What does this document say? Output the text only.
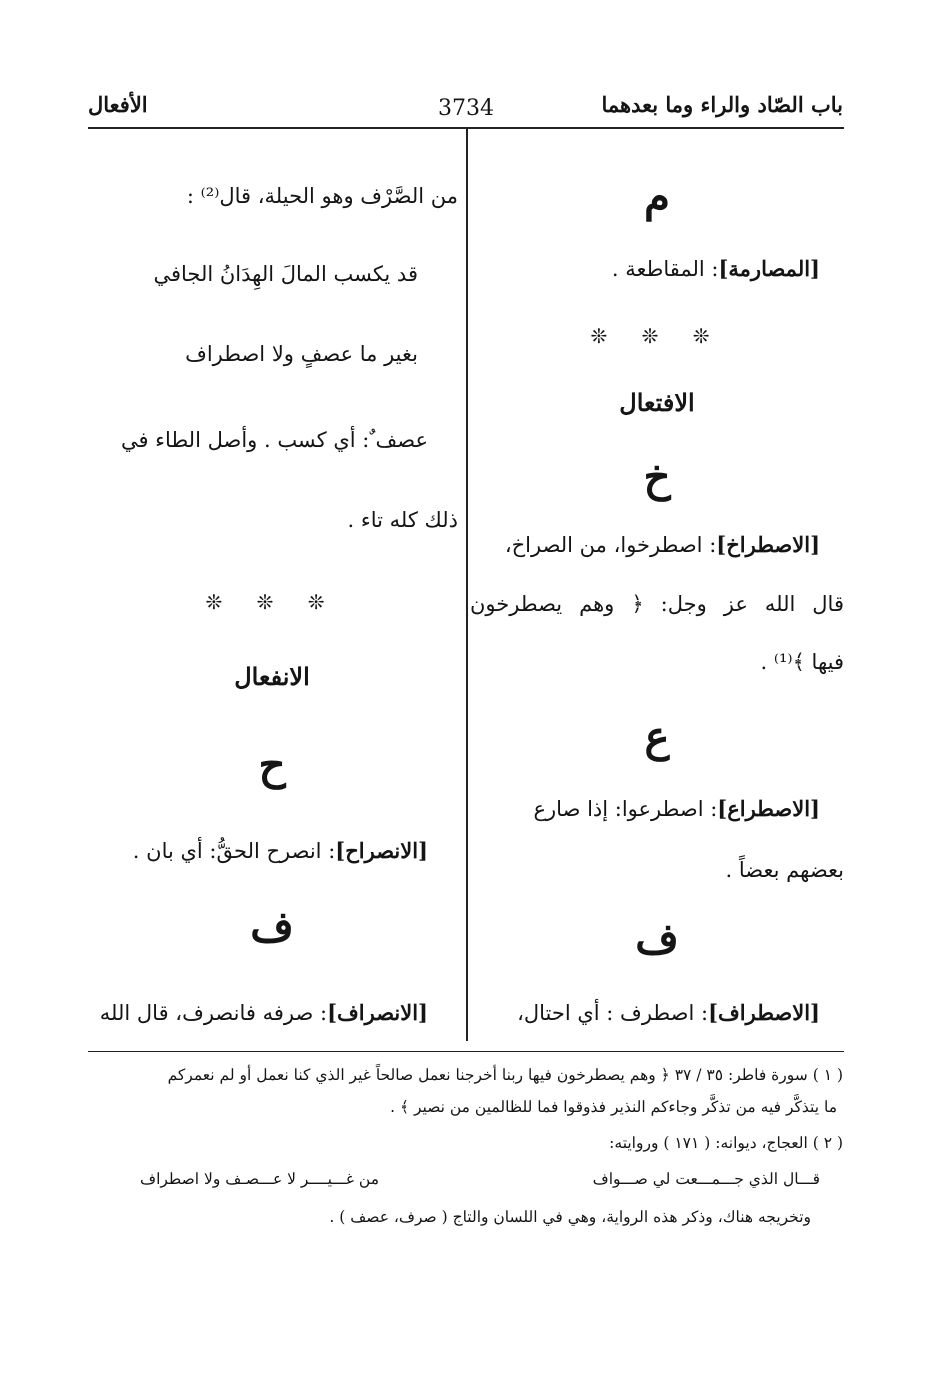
باب الصّاد والراء وما بعدهما
3734
الأفعال
م
[المصارمة]: المقاطعة .
❊ ❊ ❊
الافتعال
خ
[الاصطراخ]: اصطرخوا، من الصراخ،
قال الله عز وجل: ﴿ وهم يصطرخون
فيها ﴾⁽¹⁾ .
ع
[الاصطراع]: اصطرعوا: إذا صارع
بعضهم بعضاً .
ف
[الاصطراف]: اصطرف : أي احتال،
من الصَّرْف وهو الحيلة، قال⁽²⁾ :
قد يكسب المالَ الهِدَانُ الجافي
بغير ما عصفٍ ولا اصطراف
عصف ٌ: أي كسب . وأصل الطاء في
ذلك كله تاء .
❊ ❊ ❊
الانفعال
ح
[الانصراح]: انصرح الحقُّ: أي بان .
ف
[الانصراف]: صرفه فانصرف، قال الله
( ١ ) سورة فاطر: ٣٥ / ٣٧ ﴿ وهم يصطرخون فيها ربنا أخرجنا نعمل صالحاً غير الذي كنا نعمل أو لم نعمركم
ما يتذكَّر فيه من تذكَّر وجاءكم النذير فذوقوا فما للظالمين من نصير ﴾ .
( ٢ ) العجاج، ديوانه: ( ١٧١ ) وروايته:
قـــال الذي جـــمـــعت لي صـــواف
من غـــيــــر لا عـــصـف ولا اصطراف
وتخريجه هناك، وذكر هذه الرواية، وهي في اللسان والتاج ( صرف، عصف ) .
